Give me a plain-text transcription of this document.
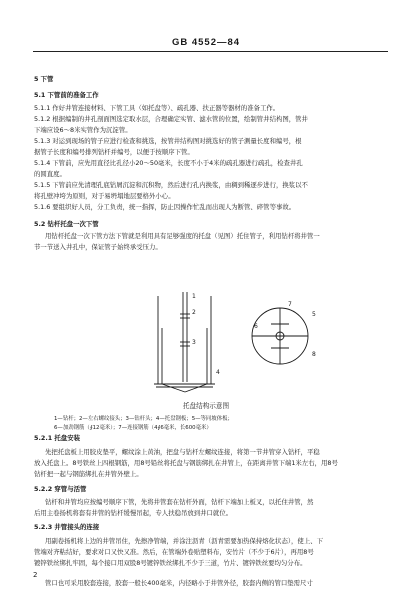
GB 4552—84
5 下管
5.1 下管前的准备工作
5.1.1 作好井管连接材料、下管工具（如托盘等）、疏孔器、扶正器等器材的准备工作。
5.1.2 根据编制的井孔剖面图选定取水层，合理确定实管、滤水管的位置，绘制管井结构图，管井
下端应设6～8米实管作为沉淀管。
5.1.3 对运到现场的管子应进行检查和挑选，按管井结构图对挑选好的管子测量长度和编号，根
据管子长度和编号排列钻杆并编号，以便于按顺序下管。
5.1.4 下管前，应先用直径比孔径小20～50毫米，长度不小于4米的疏孔器进行疏孔，检查井孔
的圆直度。
5.1.5 下管前应先清理孔底钻屑沉淀和沉积物，然后进行孔内换浆，由稠到稀逐步进行，换浆以不
将孔壁冲垮为原则，对于易坍塌地层要格外小心。
5.1.6 要组织好人员，分工负责，统一指挥，防止因操作忙乱而出现人为断管、碎管等事故。
5.2 钻杆托盘一次下管
用钻杆托盘一次下管方法下管就是利用具有足够强度的托盘（见图）托住管子，利用钻杆将井管一
节一节送入井孔中，保证管子始终承受压力。
5.2.1 托盘安装
先把托盘板上用胶皮垫平，螺纹涂上黄油，把盘与钻杆左螺纹连接，将第一节井管穿入钻杆，平稳
放入托盘上。8号铁丝上四根钢筋，用8号铅丝将托盘与钢筋绑扎在井管上，在距离井管下端1米左右，用8号
钻杆把一起与钢筋绑扎在井管外壁上。
5.2.2 穿管与活管
钻杆和井管均应按编号顺序下管，先将井管套在钻杆外面，钻杆下端加上板叉，以托住井管，然
后用主卷扬机将套有井管的钻杆缓慢吊起，专人扶稳吊放到井口就位。
5.2.3 井管接头的连接
用副卷扬机将上边的井管吊住，先擦净管端，并涂注沥青（沥青需要加热保持熔化状态），使上、下
管端对齐粘结好，要求对口又快又准。然后，在管端外卷贴塑料布，安竹片（不少于6片），再用8号
镀锌铁丝绑扎牢固，每个接口用双股8号镀锌铁丝绑扎不少于三道，竹片、镀锌铁丝要均匀分布。
管口也可采用胶套连接，胶套一般长400毫米，内径略小于井管外径，胶套内侧的管口垫需尺寸
1
2
3
4
5
6
7
8
托盘结构示意图
1—钻杆；2—左右螺纹接头；3—钻杆头；4—托盘钢板；5—等同坡体板；
6—加劲钢筋（∮12毫米）；7—连接钢筋（4∮6毫米，长600毫米）
2
